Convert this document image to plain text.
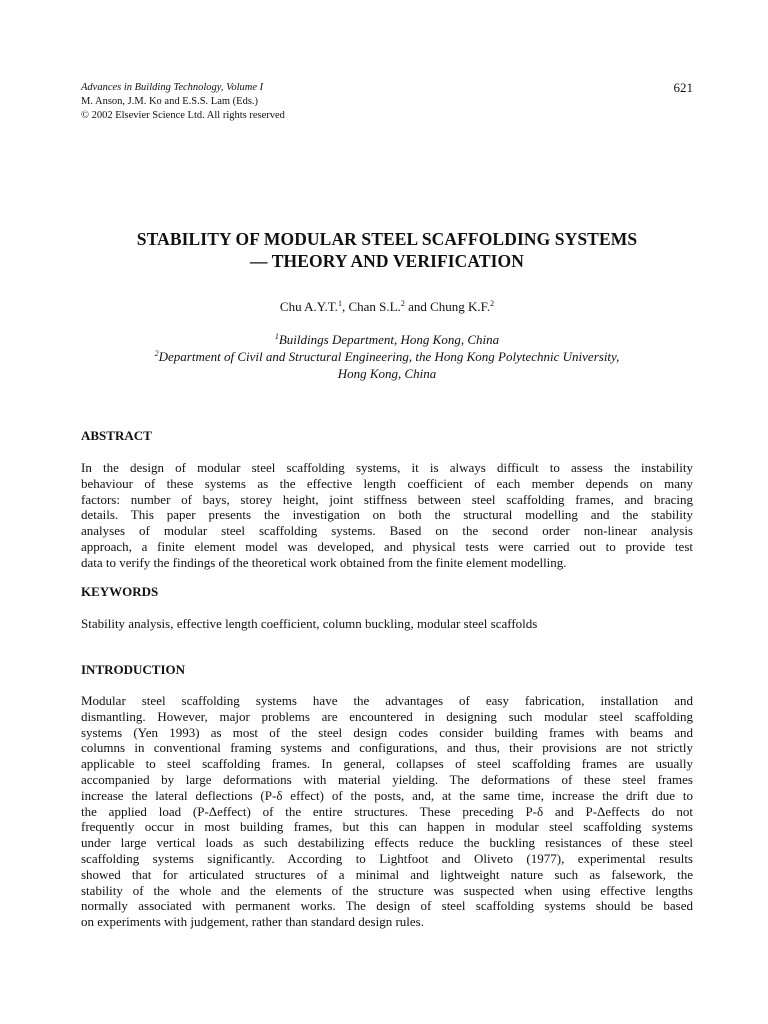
Advances in Building Technology, Volume I
M. Anson, J.M. Ko and E.S.S. Lam (Eds.)
© 2002 Elsevier Science Ltd. All rights reserved
621
STABILITY OF MODULAR STEEL SCAFFOLDING SYSTEMS
— THEORY AND VERIFICATION
Chu A.Y.T.$^1$, Chan S.L.$^2$ and Chung K.F.$^2$
$^1$Buildings Department, Hong Kong, China
$^2$Department of Civil and Structural Engineering, the Hong Kong Polytechnic University,
Hong Kong, China
ABSTRACT
In the design of modular steel scaffolding systems, it is always difficult to assess the instability
behaviour of these systems as the effective length coefficient of each member depends on many
factors: number of bays, storey height, joint stiffness between steel scaffolding frames, and bracing
details. This paper presents the investigation on both the structural modelling and the stability
analyses of modular steel scaffolding systems. Based on the second order non-linear analysis
approach, a finite element model was developed, and physical tests were carried out to provide test
data to verify the findings of the theoretical work obtained from the finite element modelling.
KEYWORDS
Stability analysis, effective length coefficient, column buckling, modular steel scaffolds
INTRODUCTION
Modular steel scaffolding systems have the advantages of easy fabrication, installation and
dismantling. However, major problems are encountered in designing such modular steel scaffolding
systems (Yen 1993) as most of the steel design codes consider building frames with beams and
columns in conventional framing systems and configurations, and thus, their provisions are not strictly
applicable to steel scaffolding frames. In general, collapses of steel scaffolding frames are usually
accompanied by large deformations with material yielding. The deformations of these steel frames
increase the lateral deflections (P-δ effect) of the posts, and, at the same time, increase the drift due to
the applied load (P-Δeffect) of the entire structures. These preceding P-δ and P-Δeffects do not
frequently occur in most building frames, but this can happen in modular steel scaffolding systems
under large vertical loads as such destabilizing effects reduce the buckling resistances of these steel
scaffolding systems significantly. According to Lightfoot and Oliveto (1977), experimental results
showed that for articulated structures of a minimal and lightweight nature such as falsework, the
stability of the whole and the elements of the structure was suspected when using effective lengths
normally associated with permanent works. The design of steel scaffolding systems should be based
on experiments with judgement, rather than standard design rules.
